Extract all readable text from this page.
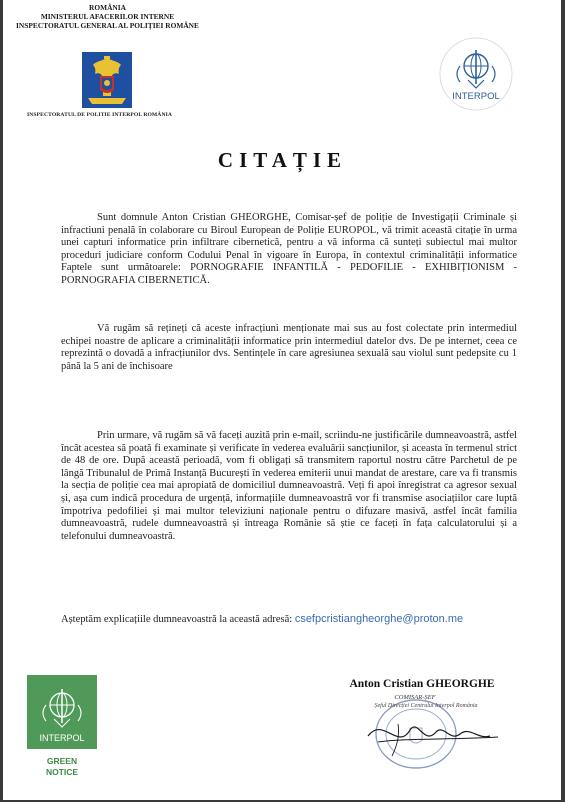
ROMÂNIA
MINISTERUL AFACERILOR INTERNE
INSPECTORATUL GENERAL AL POLIȚIEI ROMÂNE
INSPECTORATUL DE POLITIE INTERPOL ROMÂNIA
INTERPOL
CITAȚIE
Sunt domnule Anton Cristian GHEORGHE, Comisar-șef de poliție de Investigații Criminale și infractiuni penală în colaborare cu Biroul European de Poliție EUROPOL, vă trimit această citație în urma unei capturi informatice prin infiltrare cibernetică, pentru a vă informa că sunteți subiectul mai multor proceduri judiciare conform Codului Penal în vigoare în Europa, în contextul criminalității informatice Faptele sunt următoarele: PORNOGRAFIE INFANTILĂ - PEDOFILIE - EXHIBIȚIONISM - PORNOGRAFIA CIBERNETICĂ.
Vă rugăm să rețineți că aceste infracțiuni menționate mai sus au fost colectate prin intermediul echipei noastre de aplicare a criminalității informatice prin intermediul datelor dvs. De pe internet, ceea ce reprezintă o dovadă a infracțiunilor dvs. Sentințele în care agresiunea sexuală sau violul sunt pedepsite cu 1 până la 5 ani de închisoare
Prin urmare, vă rugăm să vă faceți auzită prin e-mail, scriindu-ne justificările dumneavoastră, astfel încât acestea să poată fi examinate și verificate în vederea evaluării sancțiunilor, și aceasta în termenul strict de 48 de ore. După această perioadă, vom fi obligați să transmitem raportul nostru către Parchetul de pe lângă Tribunalul de Primă Instanță București în vederea emiterii unui mandat de arestare, care va fi transmis la secția de poliție cea mai apropiată de domiciliul dumneavoastră. Veți fi apoi înregistrat ca agresor sexual și, așa cum indică procedura de urgență, informațiile dumneavoastră vor fi transmise asociațiilor care luptă împotriva pedofiliei și mai multor televiziuni naționale pentru o difuzare masivă, astfel încât familia dumneavoastră, rudele dumneavoastră și întreaga Românie să știe ce faceți în fața calculatorului și a telefonului dumneavoastră.
Așteptăm explicațiile dumneavoastră la această adresă: csefpcristiangheorghe@proton.me
INTERPOL
GREEN
NOTICE
Anton Cristian GHEORGHE
COMISAR-ȘEF
Șeful Direcției Centrului Interpol România
